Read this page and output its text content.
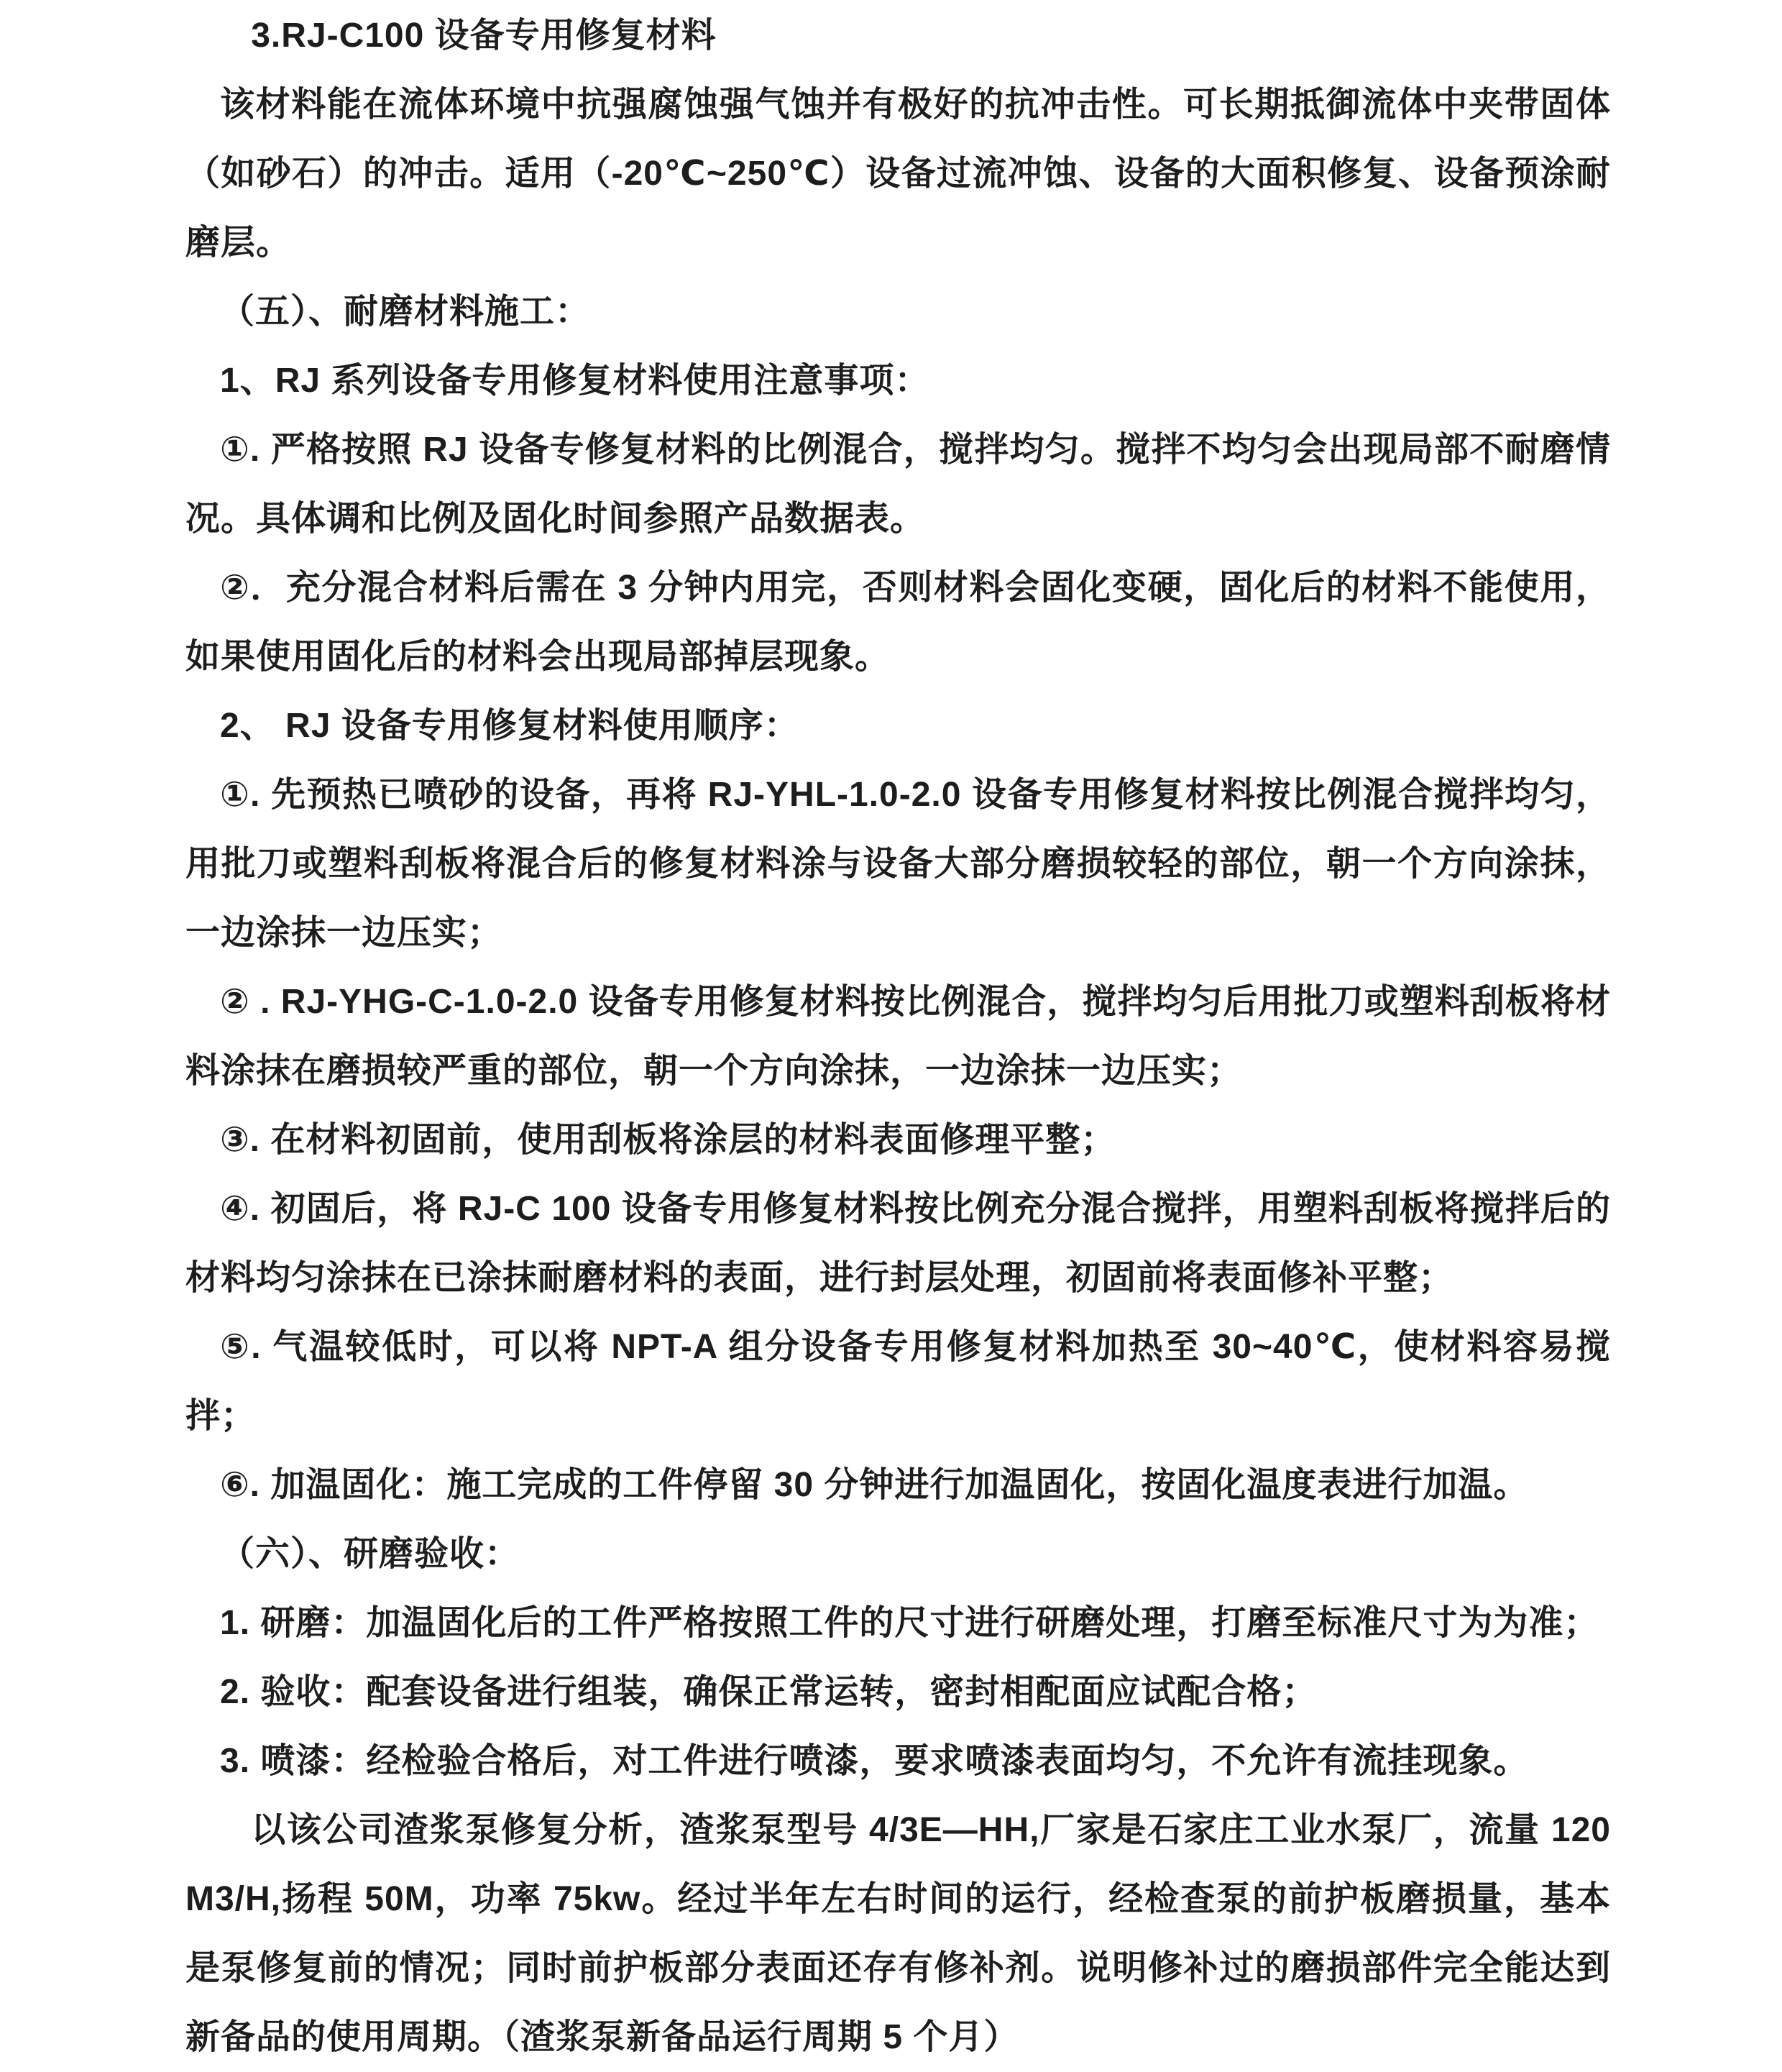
3.RJ-C100 设备专用修复材料

该材料能在流体环境中抗强腐蚀强气蚀并有极好的抗冲击性。可长期抵御流体中夹带固体（如砂石）的冲击。适用（-20℃~250℃）设备过流冲蚀、设备的大面积修复、设备预涂耐磨层。

（五）、耐磨材料施工：

1、RJ 系列设备专用修复材料使用注意事项：

①. 严格按照 RJ 设备专修复材料的比例混合，搅拌均匀。搅拌不均匀会出现局部不耐磨情况。具体调和比例及固化时间参照产品数据表。

②．充分混合材料后需在 3 分钟内用完，否则材料会固化变硬，固化后的材料不能使用，如果使用固化后的材料会出现局部掉层现象。

2、 RJ 设备专用修复材料使用顺序：

①. 先预热已喷砂的设备，再将 RJ-YHL-1.0-2.0 设备专用修复材料按比例混合搅拌均匀，用批刀或塑料刮板将混合后的修复材料涂与设备大部分磨损较轻的部位，朝一个方向涂抹，一边涂抹一边压实；

② . RJ-YHG-C-1.0-2.0 设备专用修复材料按比例混合，搅拌均匀后用批刀或塑料刮板将材料涂抹在磨损较严重的部位，朝一个方向涂抹，一边涂抹一边压实；

③. 在材料初固前，使用刮板将涂层的材料表面修理平整；

④. 初固后，将 RJ-C 100 设备专用修复材料按比例充分混合搅拌，用塑料刮板将搅拌后的材料均匀涂抹在已涂抹耐磨材料的表面，进行封层处理，初固前将表面修补平整；

⑤. 气温较低时，可以将 NPT-A 组分设备专用修复材料加热至 30~40℃，使材料容易搅拌；

⑥. 加温固化：施工完成的工件停留 30 分钟进行加温固化，按固化温度表进行加温。

（六）、研磨验收：

1. 研磨：加温固化后的工件严格按照工件的尺寸进行研磨处理，打磨至标准尺寸为为准；

2. 验收：配套设备进行组装，确保正常运转，密封相配面应试配合格；

3. 喷漆：经检验合格后，对工件进行喷漆，要求喷漆表面均匀，不允许有流挂现象。

以该公司渣浆泵修复分析，渣浆泵型号 4/3E—HH,厂家是石家庄工业水泵厂，流量 120M3/H,扬程 50M，功率 75kw。经过半年左右时间的运行，经检查泵的前护板磨损量，基本是泵修复前的情况；同时前护板部分表面还存有修补剂。说明修补过的磨损部件完全能达到新备品的使用周期。（渣浆泵新备品运行周期 5 个月）
